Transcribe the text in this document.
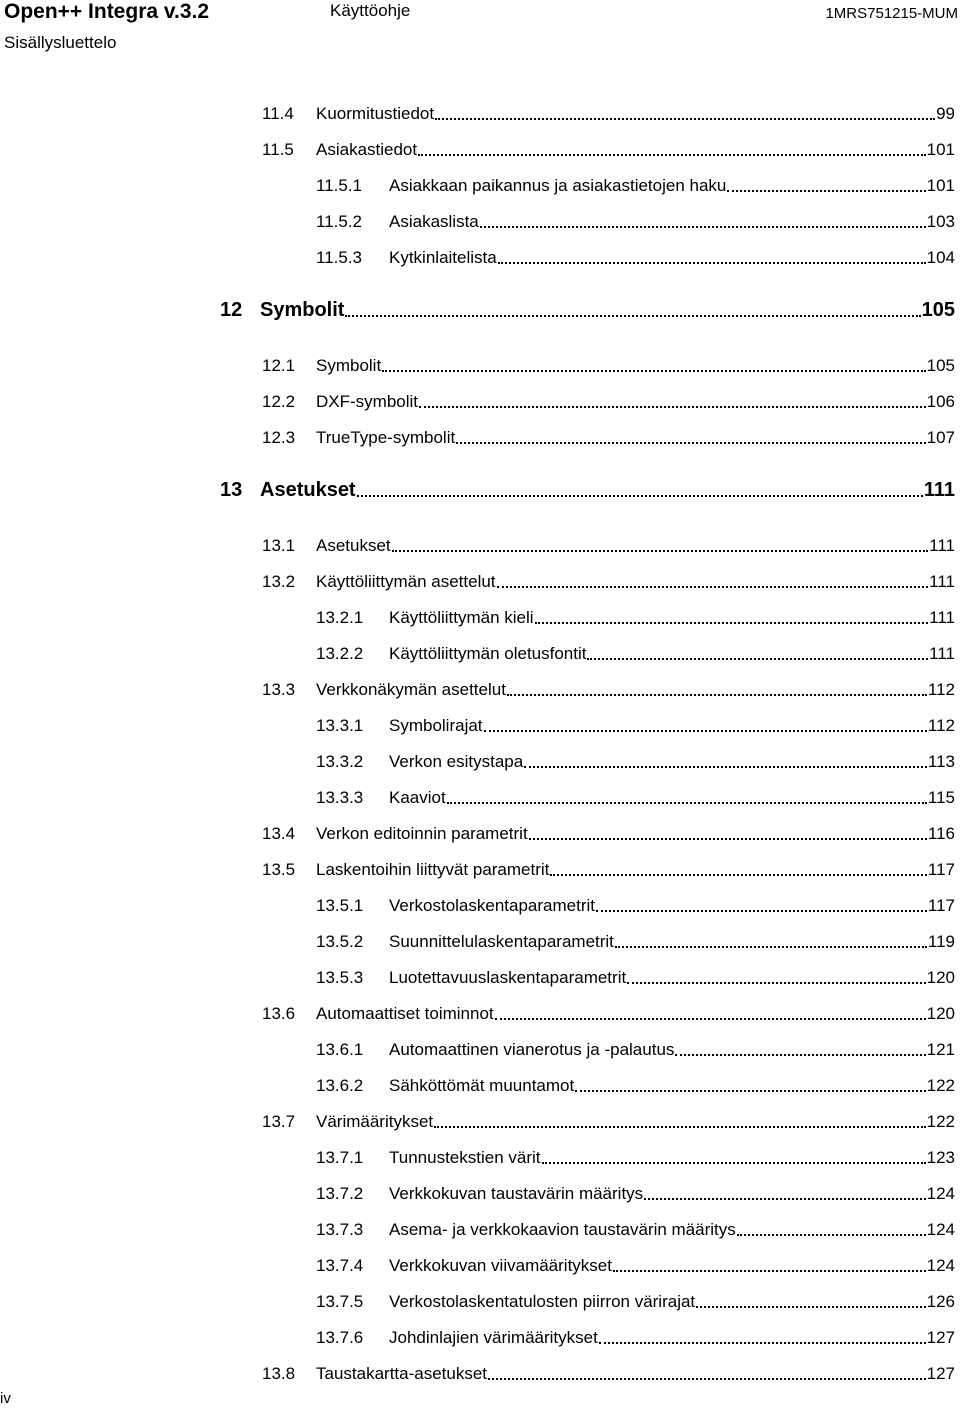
Open++ Integra v.3.2
Sisällysluettelo
Käyttöohje	1MRS751215-MUM
11.4	Kuormitustiedot	99
11.5	Asiakastiedot	101
11.5.1	Asiakkaan paikannus ja asiakastietojen haku	101
11.5.2	Asiakaslista	103
11.5.3	Kytkinlaitelista	104
12 Symbolit	105
12.1	Symbolit	105
12.2	DXF-symbolit	106
12.3	TrueType-symbolit	107
13 Asetukset	111
13.1	Asetukset	111
13.2	Käyttöliittymän asettelut	111
13.2.1	Käyttöliittymän kieli	111
13.2.2	Käyttöliittymän oletusfontit	111
13.3	Verkkonäkymän asettelut	112
13.3.1	Symbolirajat	112
13.3.2	Verkon esitystapa	113
13.3.3	Kaaviot	115
13.4	Verkon editoinnin parametrit	116
13.5	Laskentoihin liittyvät parametrit	117
13.5.1	Verkostolaskentaparametrit	117
13.5.2	Suunnittelulaskentaparametrit	119
13.5.3	Luotettavuuslaskentaparametrit	120
13.6	Automaattiset toiminnot	120
13.6.1	Automaattinen vianerotus ja -palautus	121
13.6.2	Sähköttömät muuntamot	122
13.7	Värimääritykset	122
13.7.1	Tunnustekstien värit	123
13.7.2	Verkkokuvan taustavärin määritys	124
13.7.3	Asema- ja verkkokaavion taustavärin määritys	124
13.7.4	Verkkokuvan viivamääritykset	124
13.7.5	Verkostolaskentatulosten piirron värirajat	126
13.7.6	Johdinlajien värimääritykset	127
13.8	Taustakartta-asetukset	127
iv
